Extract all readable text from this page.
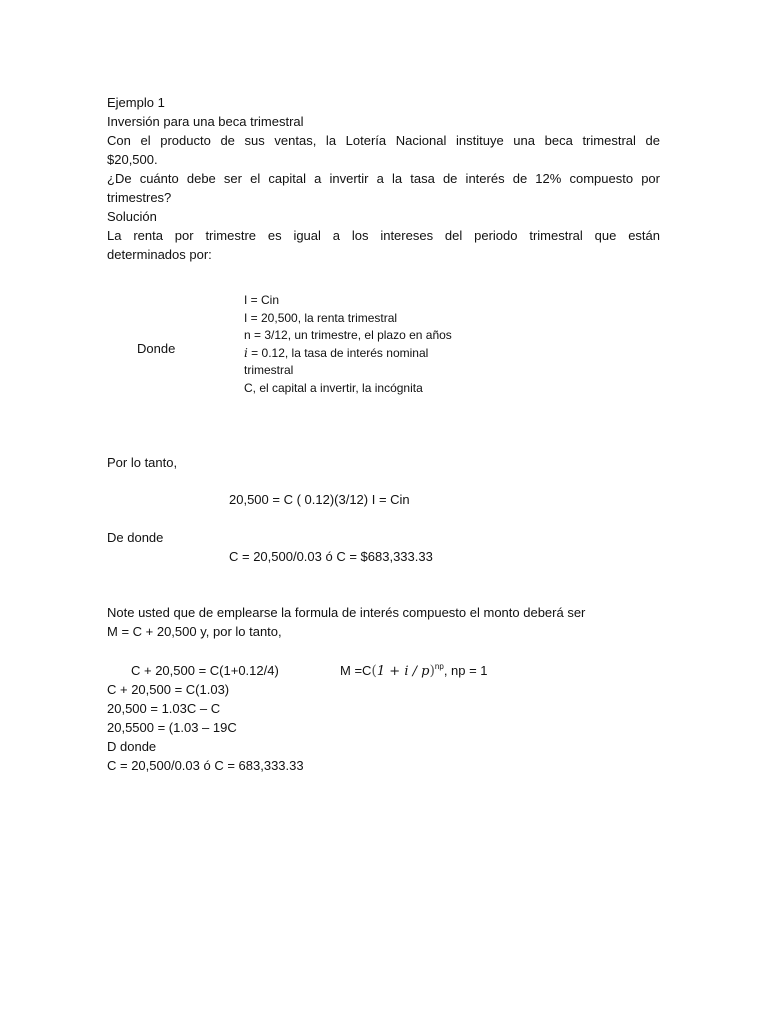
Ejemplo 1
Inversión para una beca trimestral
Con el producto de sus ventas, la Lotería Nacional instituye una beca trimestral de
$20,500.
¿De cuánto debe ser el capital a invertir a la tasa de interés de 12% compuesto por
trimestres?
Solución
La renta por trimestre es igual a los intereses del periodo trimestral que están
determinados por:
Donde
I = Cin
I = 20,500, la renta trimestral
n = 3/12, un trimestre, el plazo en años
i = 0.12, la tasa de interés nominal
trimestral
C, el capital a invertir, la incógnita
Por lo tanto,
20,500 = C ( 0.12)(3/12) I = Cin
De donde
C = 20,500/0.03 ó C = $683,333.33
Note usted que de emplearse la formula de interés compuesto el monto deberá ser
M = C + 20,500 y, por lo tanto,
C + 20,500 = C(1+0.12/4)	$M =C(1 + i / p)^{np}$, np = 1
C + 20,500 = C(1.03)
20,500 = 1.03C – C
20,5500 = (1.03 – 19C
D donde
C = 20,500/0.03 ó C = 683,333.33
